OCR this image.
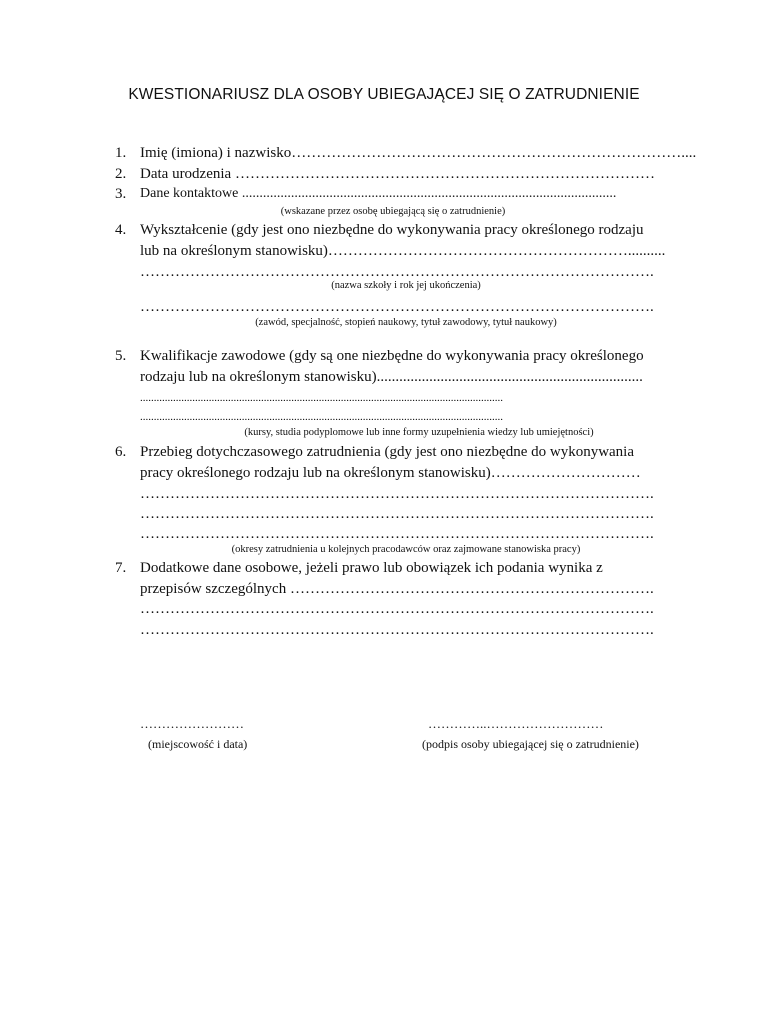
KWESTIONARIUSZ DLA OSOBY UBIEGAJĄCEJ SIĘ O ZATRUDNIENIE
1. Imię (imiona) i nazwisko……………………………………………………………………....
2. Data urodzenia …………………………………………………………………………
3. Dane kontaktowe ...........................................................................................................
(wskazane przez osobę ubiegającą się o zatrudnienie)
4. Wykształcenie (gdy jest ono niezbędne do wykonywania pracy określonego rodzaju
lub na określonym stanowisku)……………………………………………………..........
………………………………………………………………………………………….
(nazwa szkoły i rok jej ukończenia)
………………………………………………………………………………………….
(zawód, specjalność, stopień naukowy, tytuł zawodowy, tytuł naukowy)
5. Kwalifikacje zawodowe (gdy są one niezbędne do wykonywania pracy określonego
rodzaju lub na określonym stanowisku).......................................................................
....................................................................................................................................
....................................................................................................................................
(kursy, studia podyplomowe lub inne formy uzupełnienia wiedzy lub umiejętności)
6. Przebieg dotychczasowego zatrudnienia (gdy jest ono niezbędne do wykonywania
pracy określonego rodzaju lub na określonym stanowisku)…………………………
………………………………………………………………………………………….
………………………………………………………………………………………….
………………………………………………………………………………………….
(okresy zatrudnienia u kolejnych pracodawców oraz zajmowane stanowiska pracy)
7. Dodatkowe dane osobowe, jeżeli prawo lub obowiązek ich podania wynika z
przepisów szczególnych ……………………………………………………………….
………………………………………………………………………………………….
………………………………………………………………………………………….
……………………
(miejscowość i data)
…………..………………………
(podpis osoby ubiegającej się o zatrudnienie)
